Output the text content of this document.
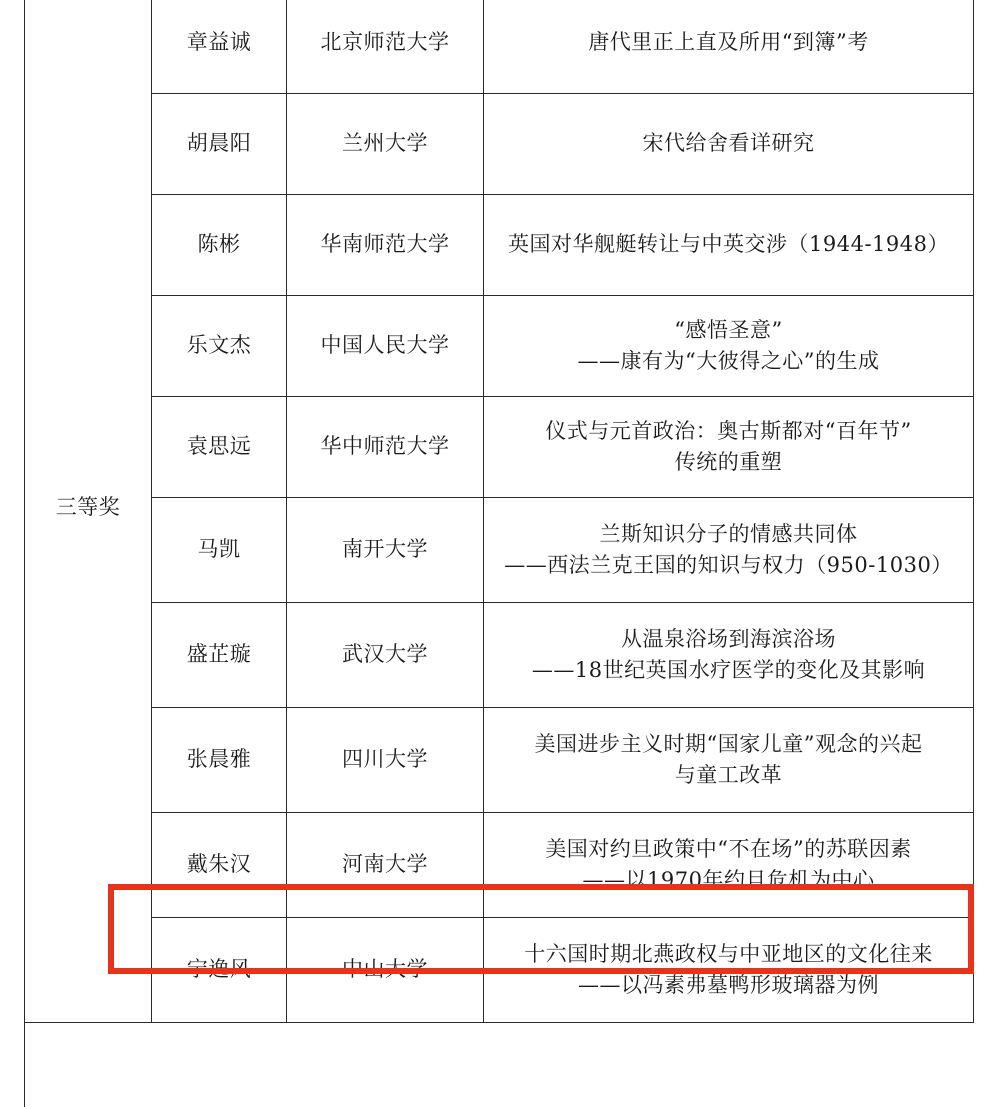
三等奖	章益诚	北京师范大学	唐代里正上直及所用“到簿”考

	胡晨阳	兰州大学	宋代给舍看详研究

	陈彬	华南师范大学	英国对华舰艇转让与中英交涉（1944-1948）

	乐文杰	中国人民大学	“感悟圣意”
——康有为“大彼得之心”的生成

	袁思远	华中师范大学	仪式与元首政治：奥古斯都对“百年节”
传统的重塑

	马凯	南开大学	兰斯知识分子的情感共同体
——西法兰克王国的知识与权力（950-1030）

	盛芷璇	武汉大学	从温泉浴场到海滨浴场
——18世纪英国水疗医学的变化及其影响

	张晨雅	四川大学	美国进步主义时期“国家儿童”观念的兴起
与童工改革

	戴朱汉	河南大学	美国对约旦政策中“不在场”的苏联因素
——以1970年约旦危机为中心

	宁逸风	中山大学	十六国时期北燕政权与中亚地区的文化往来
——以冯素弗墓鸭形玻璃器为例
